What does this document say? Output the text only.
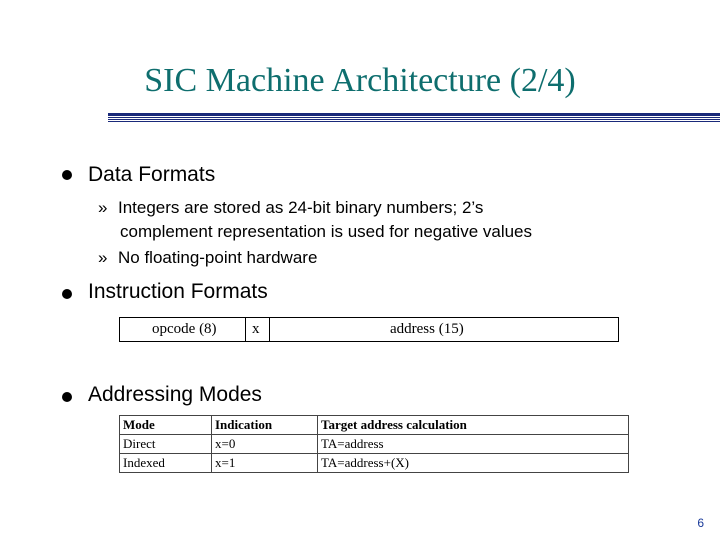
SIC Machine Architecture (2/4)
Data Formats
» Integers are stored as 24-bit binary numbers; 2’s
complement representation is used for negative values
» No floating-point hardware
Instruction Formats
opcode (8) x	address (15)
Addressing Modes
Mode	Indication	Target address calculation
Direct	x=0	TA=address
Indexed	x=1	TA=address+(X)
6
